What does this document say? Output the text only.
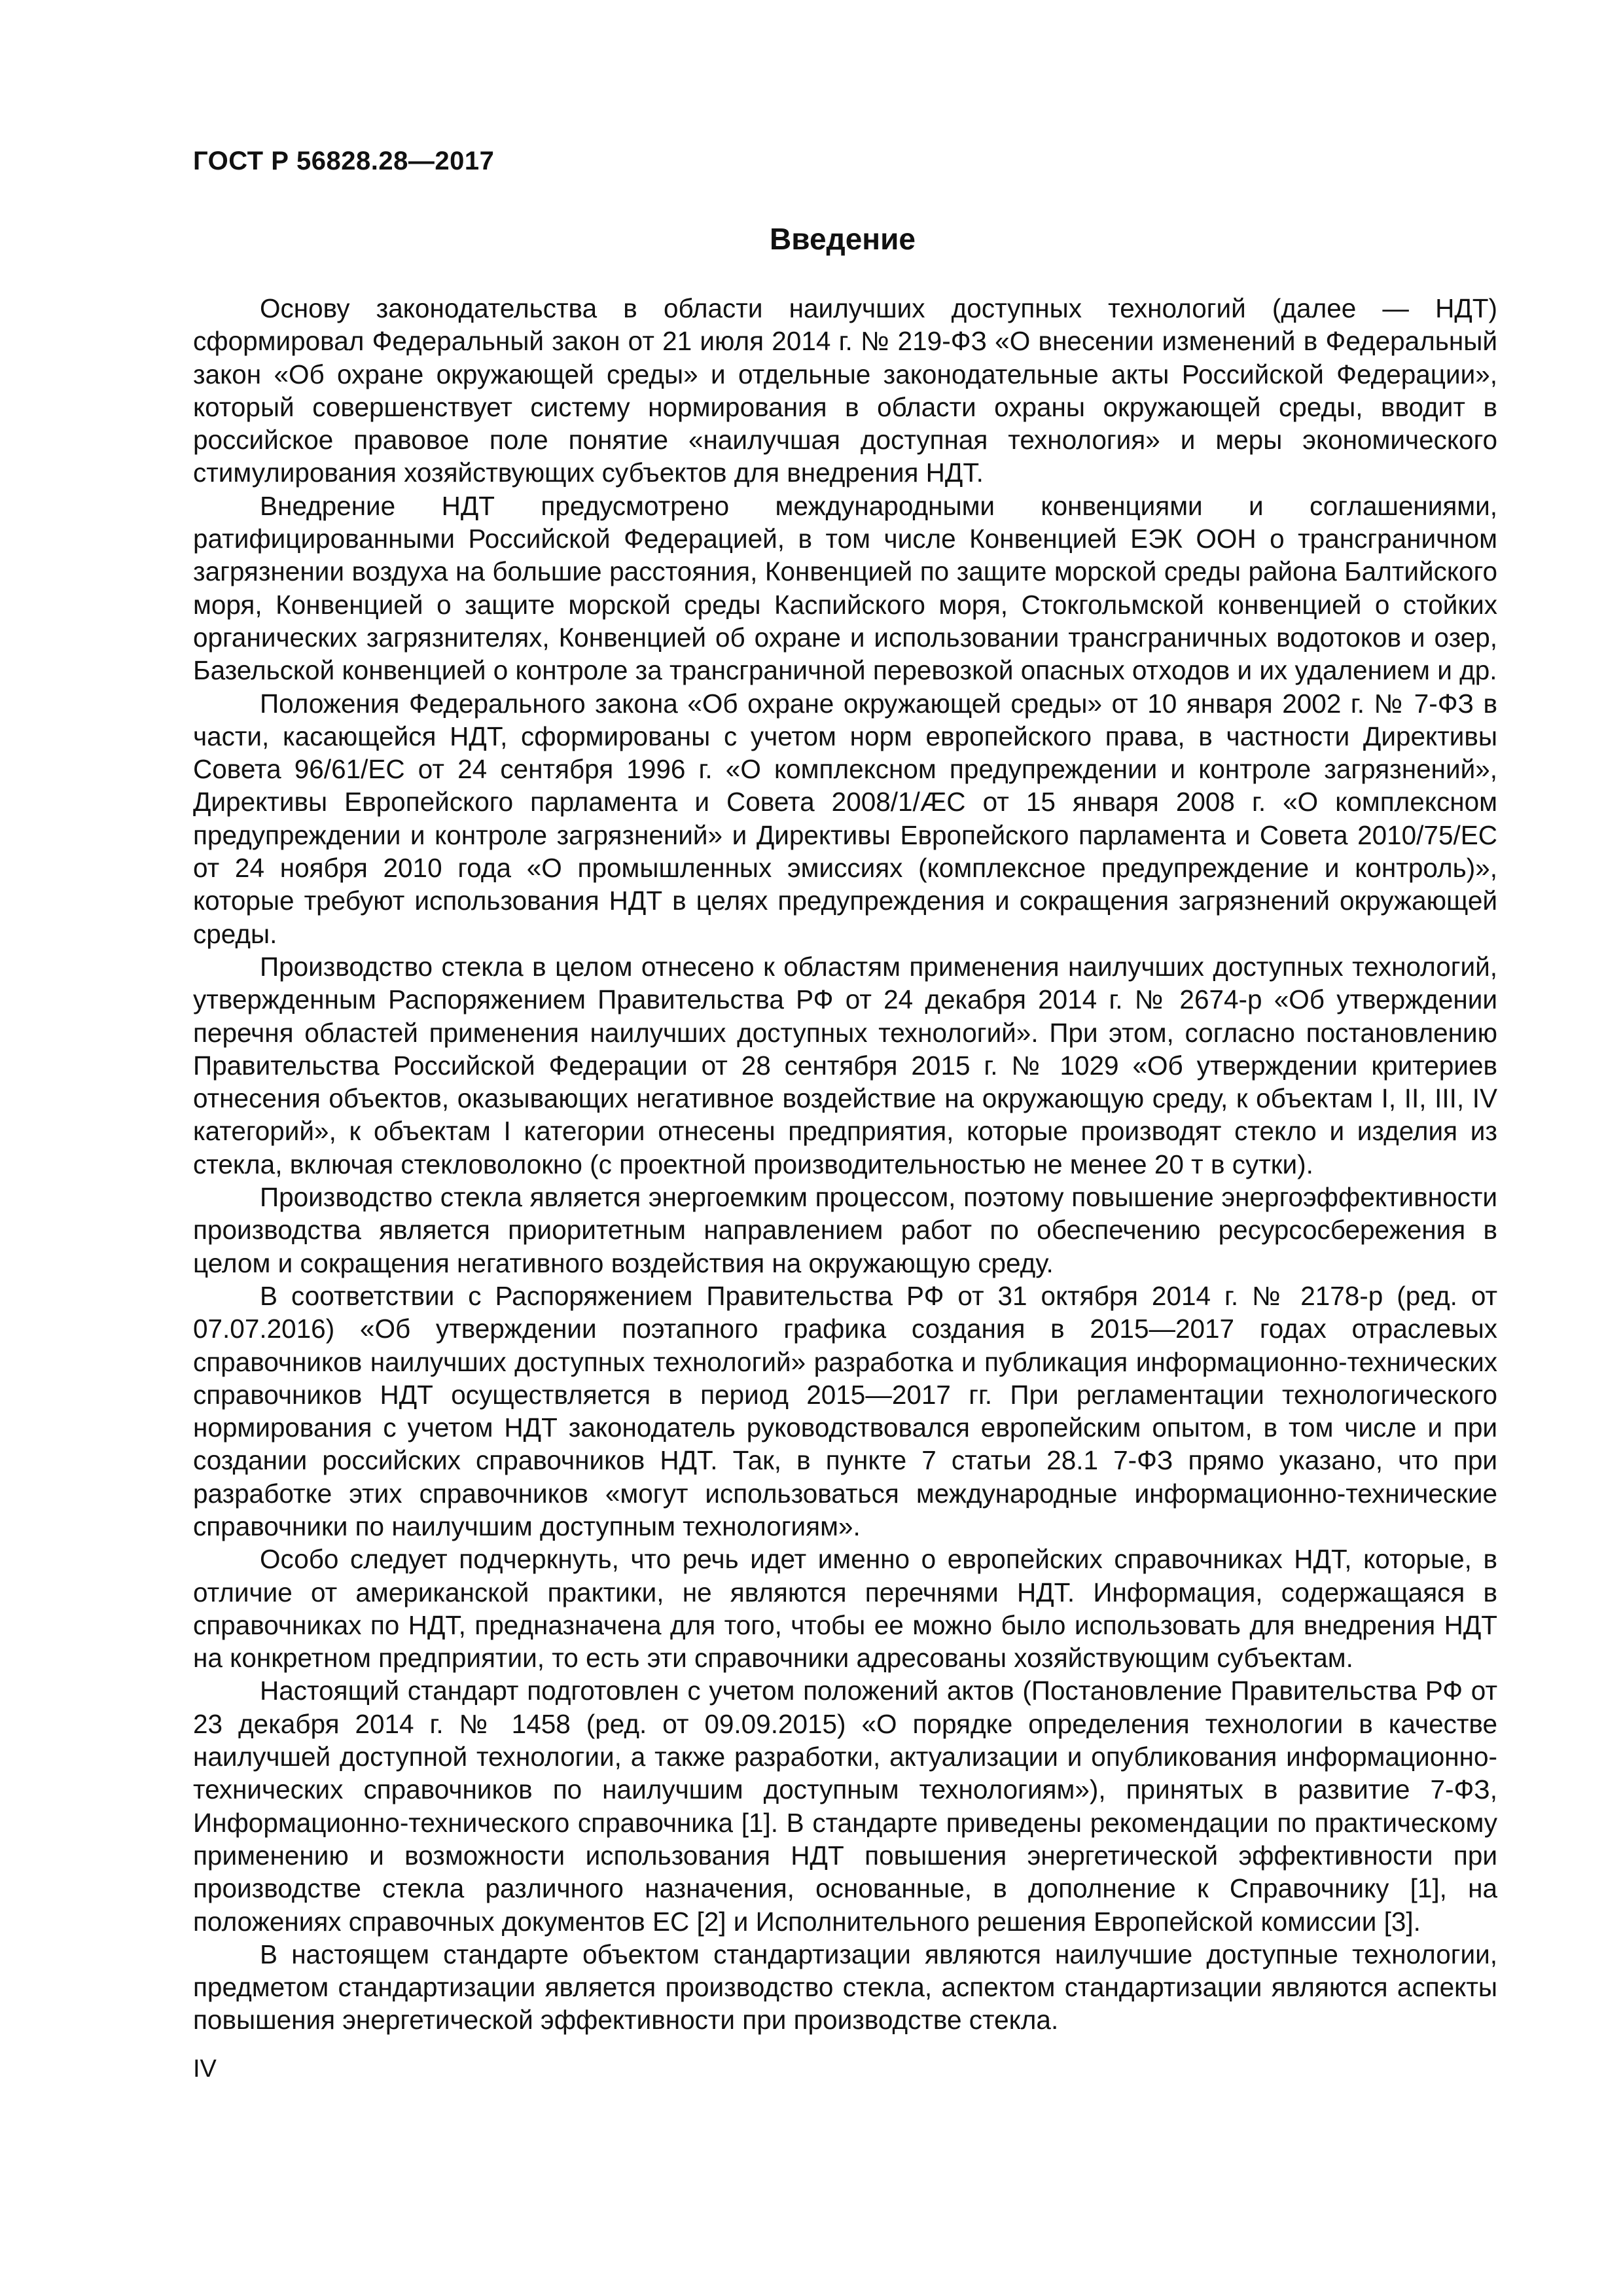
ГОСТ Р 56828.28—2017
Введение

Основу законодательства в области наилучших доступных технологий (далее — НДТ) сформировал Федеральный закон от 21 июля 2014 г. № 219-ФЗ «О внесении изменений в Федеральный закон «Об охране окружающей среды» и отдельные законодательные акты Российской Федерации», который совершенствует систему нормирования в области охраны окружающей среды, вводит в российское правовое поле понятие «наилучшая доступная технология» и меры экономического стимулирования хозяйствующих субъектов для внедрения НДТ.

Внедрение НДТ предусмотрено международными конвенциями и соглашениями, ратифицированными Российской Федерацией, в том числе Конвенцией ЕЭК ООН о трансграничном загрязнении воздуха на большие расстояния, Конвенцией по защите морской среды района Балтийского моря, Конвенцией о защите морской среды Каспийского моря, Стокгольмской конвенцией о стойких органических загрязнителях, Конвенцией об охране и использовании трансграничных водотоков и озер, Базельской конвенцией о контроле за трансграничной перевозкой опасных отходов и их удалением и др.

Положения Федерального закона «Об охране окружающей среды» от 10 января 2002 г. № 7-ФЗ в части, касающейся НДТ, сформированы с учетом норм европейского права, в частности Директивы Совета 96/61/ЕС от 24 сентября 1996 г. «О комплексном предупреждении и контроле загрязнений», Директивы Европейского парламента и Совета 2008/1/ÆС от 15 января 2008 г. «О комплексном предупреждении и контроле загрязнений» и Директивы Европейского парламента и Совета 2010/75/ЕС от 24 ноября 2010 года «О промышленных эмиссиях (комплексное предупреждение и контроль)», которые требуют использования НДТ в целях предупреждения и сокращения загрязнений окружающей среды.

Производство стекла в целом отнесено к областям применения наилучших доступных технологий, утвержденным Распоряжением Правительства РФ от 24 декабря 2014 г. № 2674-р «Об утверждении перечня областей применения наилучших доступных технологий». При этом, согласно постановлению Правительства Российской Федерации от 28 сентября 2015 г. № 1029 «Об утверждении критериев отнесения объектов, оказывающих негативное воздействие на окружающую среду, к объектам I, II, III, IV категорий», к объектам I категории отнесены предприятия, которые производят стекло и изделия из стекла, включая стекловолокно (с проектной производительностью не менее 20 т в сутки).

Производство стекла является энергоемким процессом, поэтому повышение энергоэффективности производства является приоритетным направлением работ по обеспечению ресурсосбережения в целом и сокращения негативного воздействия на окружающую среду.

В соответствии с Распоряжением Правительства РФ от 31 октября 2014 г. № 2178-р (ред. от 07.07.2016) «Об утверждении поэтапного графика создания в 2015—2017 годах отраслевых справочников наилучших доступных технологий» разработка и публикация информационно-технических справочников НДТ осуществляется в период 2015—2017 гг. При регламентации технологического нормирования с учетом НДТ законодатель руководствовался европейским опытом, в том числе и при создании российских справочников НДТ. Так, в пункте 7 статьи 28.1 7-ФЗ прямо указано, что при разработке этих справочников «могут использоваться международные информационно-технические справочники по наилучшим доступным технологиям».

Особо следует подчеркнуть, что речь идет именно о европейских справочниках НДТ, которые, в отличие от американской практики, не являются перечнями НДТ. Информация, содержащаяся в справочниках по НДТ, предназначена для того, чтобы ее можно было использовать для внедрения НДТ на конкретном предприятии, то есть эти справочники адресованы хозяйствующим субъектам.

Настоящий стандарт подготовлен с учетом положений актов (Постановление Правительства РФ от 23 декабря 2014 г. № 1458 (ред. от 09.09.2015) «О порядке определения технологии в качестве наилучшей доступной технологии, а также разработки, актуализации и опубликования информационно-технических справочников по наилучшим доступным технологиям»), принятых в развитие 7-ФЗ, Информационно-технического справочника [1]. В стандарте приведены рекомендации по практическому применению и возможности использования НДТ повышения энергетической эффективности при производстве стекла различного назначения, основанные, в дополнение к Справочнику [1], на положениях справочных документов ЕС [2] и Исполнительного решения Европейской комиссии [3].

В настоящем стандарте объектом стандартизации являются наилучшие доступные технологии, предметом стандартизации является производство стекла, аспектом стандартизации являются аспекты повышения энергетической эффективности при производстве стекла.

IV
